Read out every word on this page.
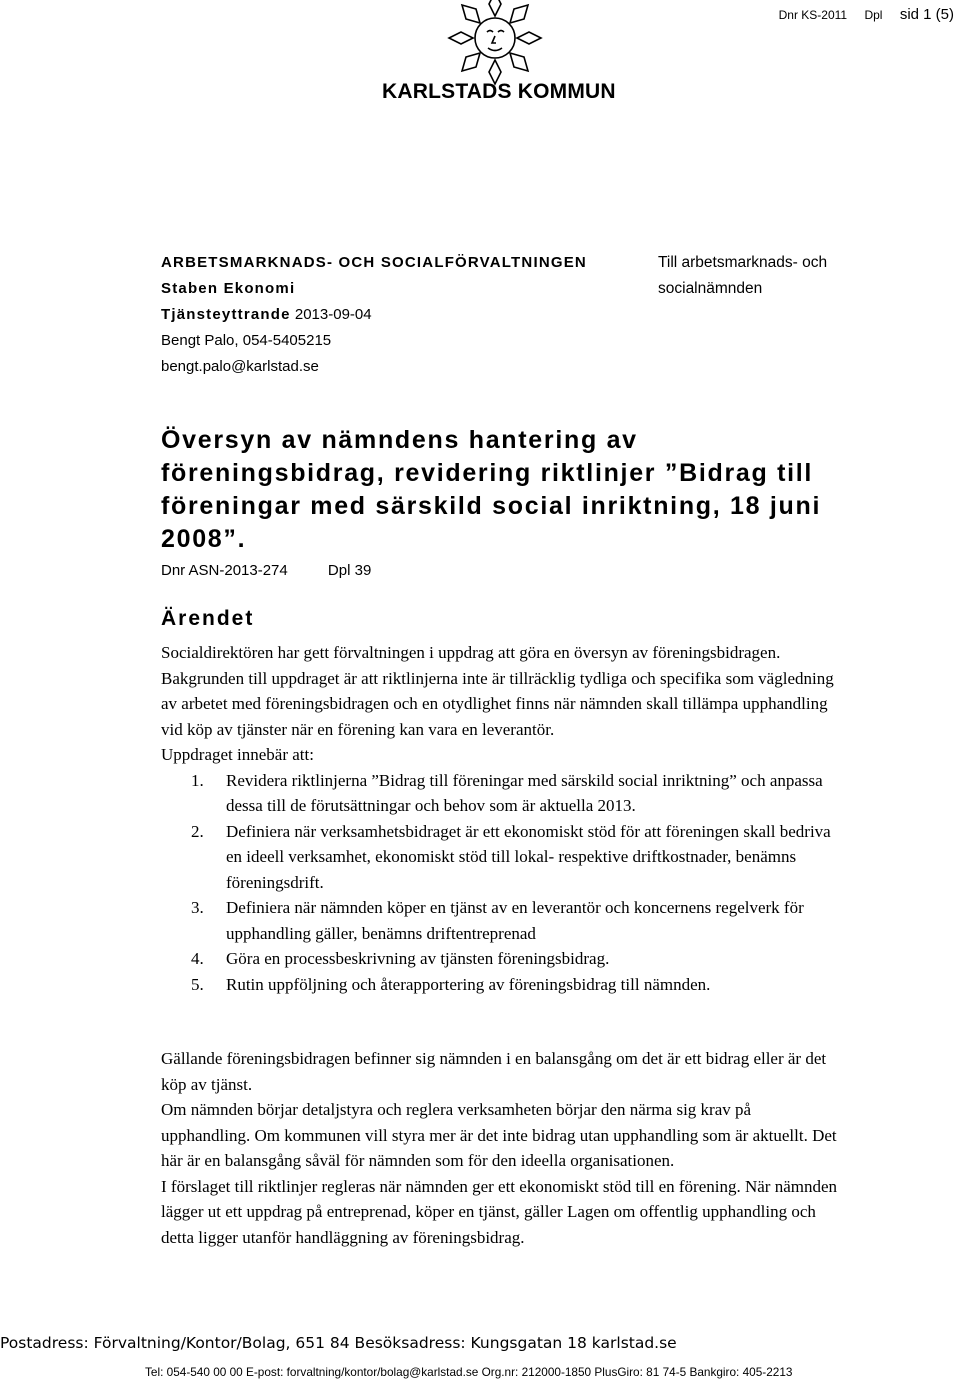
Dnr KS-2011 Dpl sid 1 (5)
KARLSTADS KOMMUN
ARBETSMARKNADS- OCH SOCIALFÖRVALTNINGEN
Staben Ekonomi
Tjänsteyttrande 2013-09-04
Bengt Palo, 054-5405215
bengt.palo@karlstad.se
Till arbetsmarknads- och
socialnämnden
Översyn av nämndens hantering av föreningsbidrag, revidering riktlinjer ”Bidrag till föreningar med särskild social inriktning, 18 juni 2008”.
Dnr ASN-2013-274	Dpl 39
Ärendet
Socialdirektören har gett förvaltningen i uppdrag att göra en översyn av föreningsbidragen. Bakgrunden till uppdraget är att riktlinjerna inte är tillräcklig tydliga och specifika som vägledning av arbetet med föreningsbidragen och en otydlighet finns när nämnden skall tillämpa upphandling vid köp av tjänster när en förening kan vara en leverantör.
Uppdraget innebär att:
1. Revidera riktlinjerna ”Bidrag till föreningar med särskild social inriktning” och anpassa dessa till de förutsättningar och behov som är aktuella 2013.
2. Definiera när verksamhetsbidraget är ett ekonomiskt stöd för att föreningen skall bedriva en ideell verksamhet, ekonomiskt stöd till lokal- respektive driftkostnader, benämns föreningsdrift.
3. Definiera när nämnden köper en tjänst av en leverantör och koncernens regelverk för upphandling gäller, benämns driftentreprenad
4. Göra en processbeskrivning av tjänsten föreningsbidrag.
5. Rutin uppföljning och återapportering av föreningsbidrag till nämnden.
Gällande föreningsbidragen befinner sig nämnden i en balansgång om det är ett bidrag eller är det köp av tjänst.
Om nämnden börjar detaljstyra och reglera verksamheten börjar den närma sig krav på upphandling. Om kommunen vill styra mer är det inte bidrag utan upphandling som är aktuellt. Det här är en balansgång såväl för nämnden som för den ideella organisationen.
I förslaget till riktlinjer regleras när nämnden ger ett ekonomiskt stöd till en förening. När nämnden lägger ut ett uppdrag på entreprenad, köper en tjänst, gäller Lagen om offentlig upphandling och detta ligger utanför handläggning av föreningsbidrag.
Postadress: Förvaltning/Kontor/Bolag, 651 84 Besöksadress: Kungsgatan 18 karlstad.se
Tel: 054-540 00 00 E-post: forvaltning/kontor/bolag@karlstad.se Org.nr: 212000-1850 PlusGiro: 81 74-5 Bankgiro: 405-2213
